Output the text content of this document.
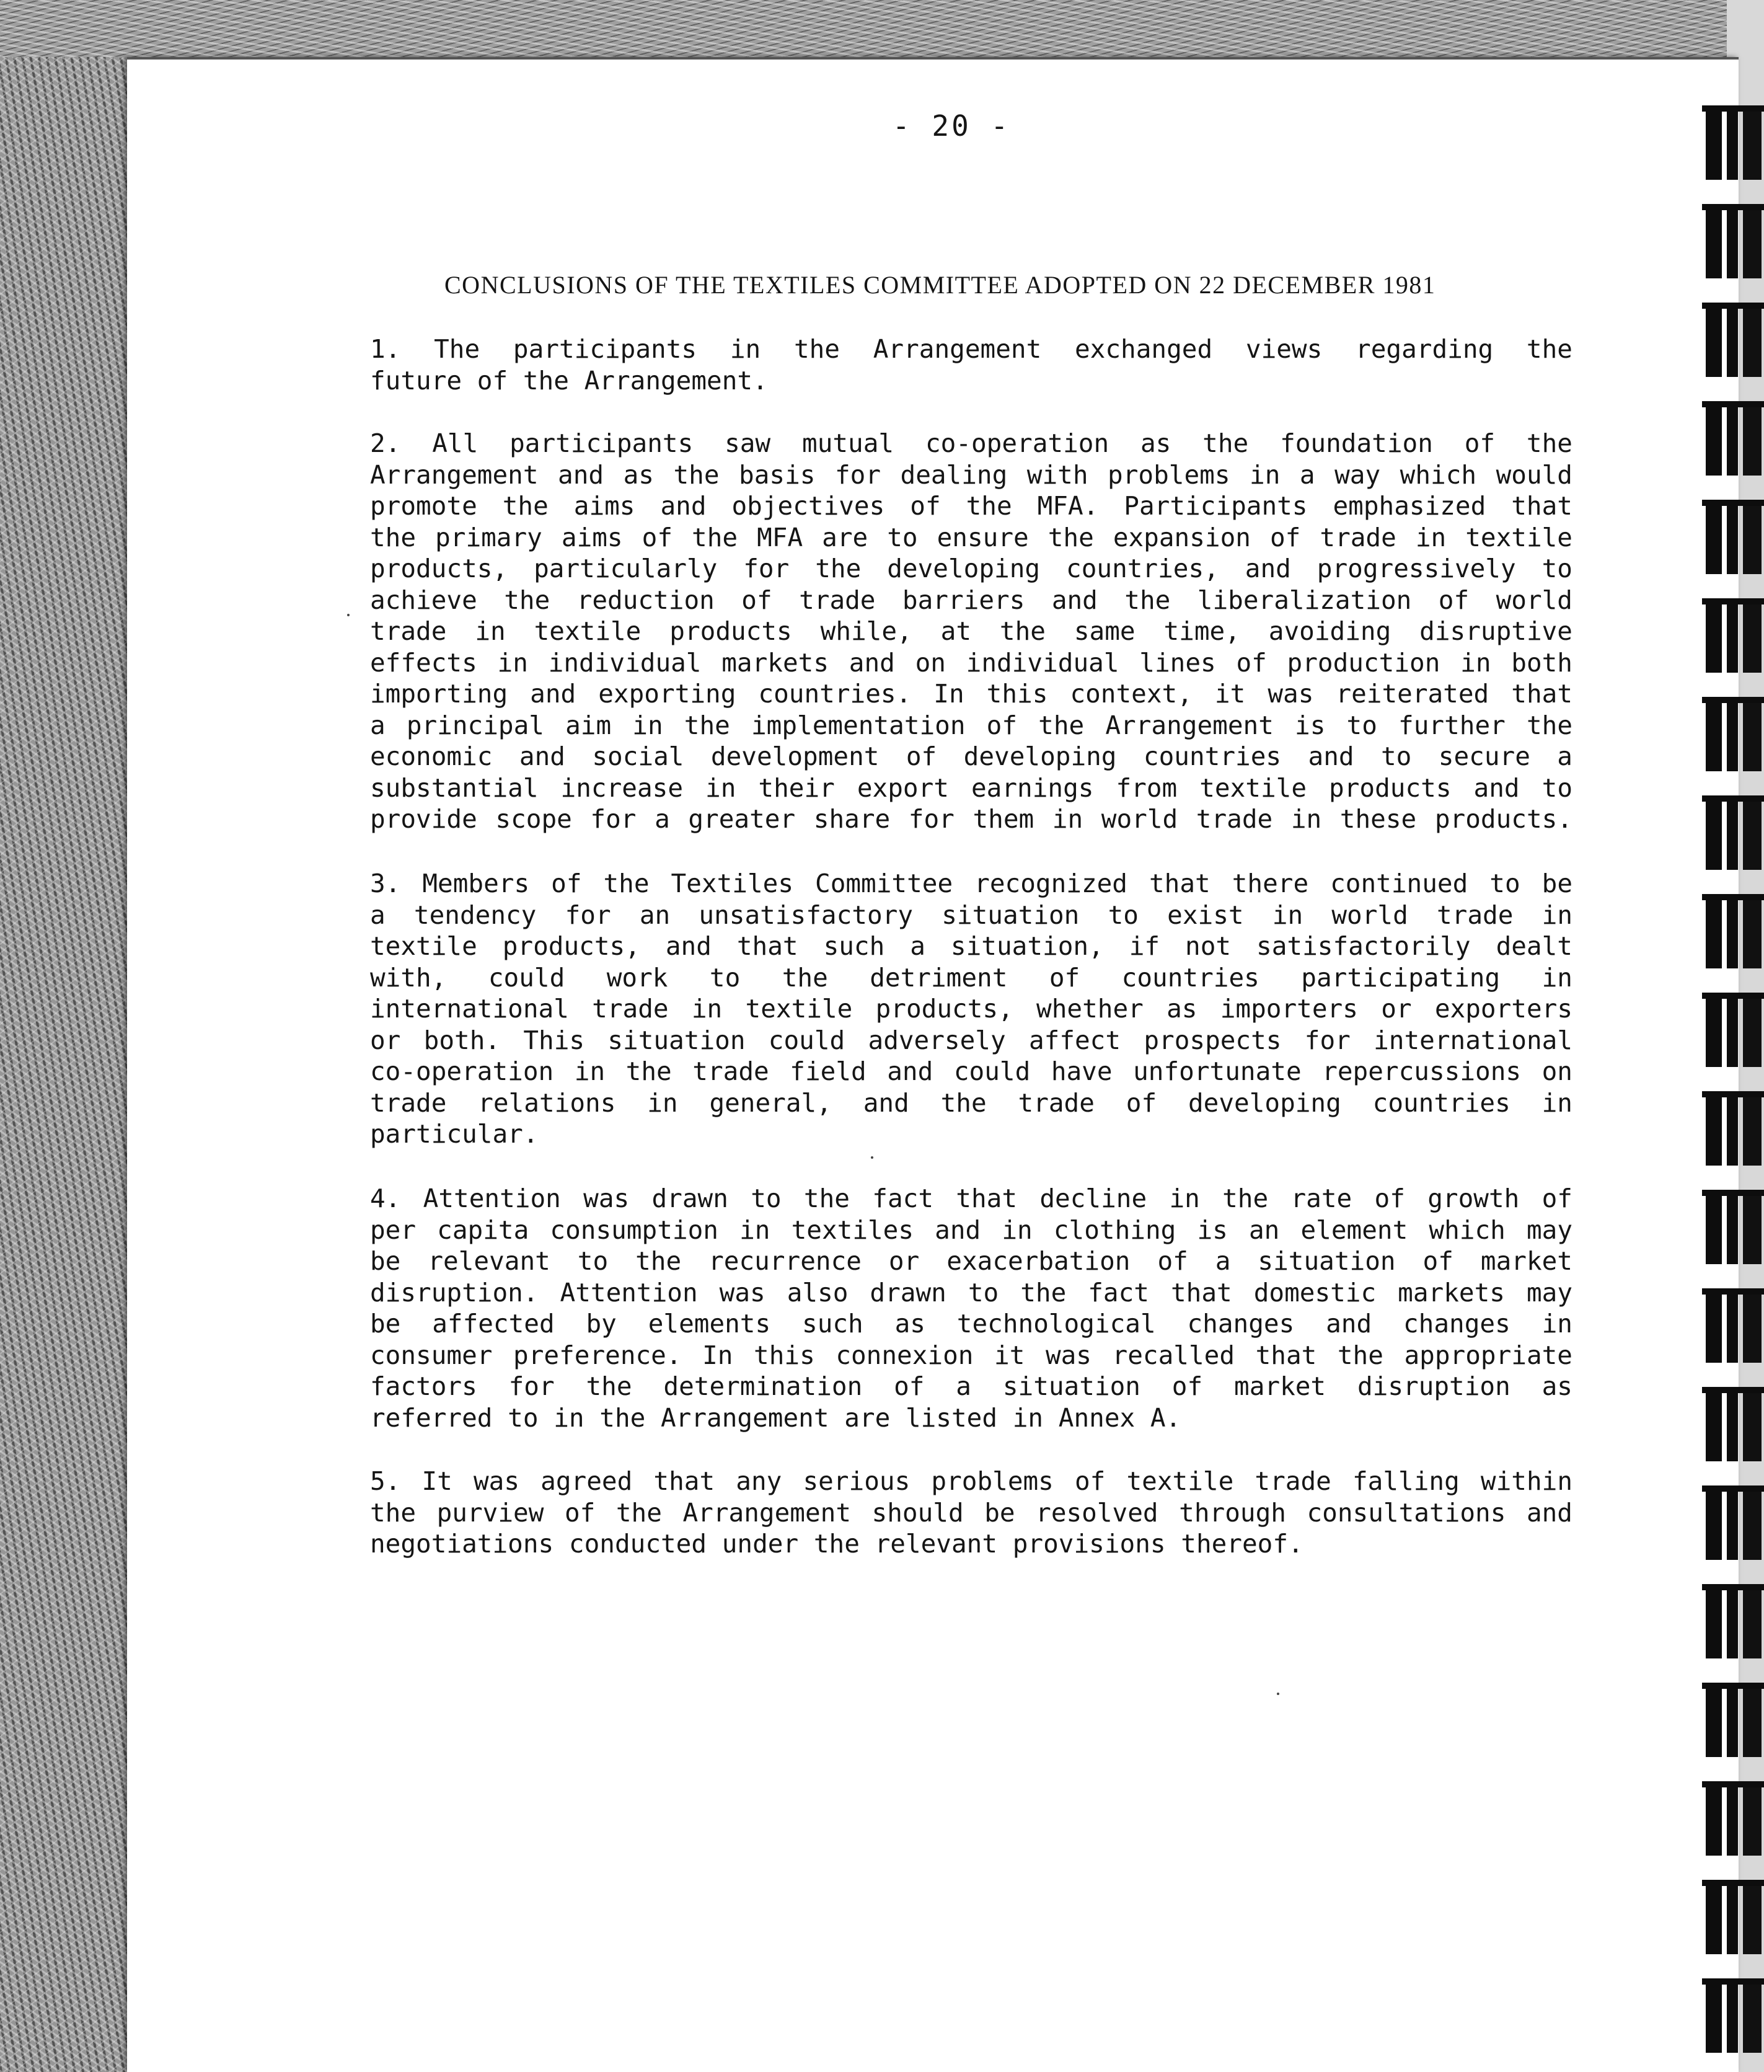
- 20 -
CONCLUSIONS OF THE TEXTILES COMMITTEE ADOPTED ON 22 DECEMBER 1981
1. The participants in the Arrangement exchanged views regarding the
future of the Arrangement.
2. All participants saw mutual co-operation as the foundation of the
Arrangement and as the basis for dealing with problems in a way which would
promote the aims and objectives of the MFA. Participants emphasized that
the primary aims of the MFA are to ensure the expansion of trade in textile
products, particularly for the developing countries, and progressively to
achieve the reduction of trade barriers and the liberalization of world
trade in textile products while, at the same time, avoiding disruptive
effects in individual markets and on individual lines of production in both
importing and exporting countries. In this context, it was reiterated that
a principal aim in the implementation of the Arrangement is to further the
economic and social development of developing countries and to secure a
substantial increase in their export earnings from textile products and to
provide scope for a greater share for them in world trade in these products.
3. Members of the Textiles Committee recognized that there continued to be
a tendency for an unsatisfactory situation to exist in world trade in
textile products, and that such a situation, if not satisfactorily dealt
with, could work to the detriment of countries participating in
international trade in textile products, whether as importers or exporters
or both. This situation could adversely affect prospects for international
co-operation in the trade field and could have unfortunate repercussions on
trade relations in general, and the trade of developing countries in
particular.
4. Attention was drawn to the fact that decline in the rate of growth of
per capita consumption in textiles and in clothing is an element which may
be relevant to the recurrence or exacerbation of a situation of market
disruption. Attention was also drawn to the fact that domestic markets may
be affected by elements such as technological changes and changes in
consumer preference. In this connexion it was recalled that the appropriate
factors for the determination of a situation of market disruption as
referred to in the Arrangement are listed in Annex A.
5. It was agreed that any serious problems of textile trade falling within
the purview of the Arrangement should be resolved through consultations and
negotiations conducted under the relevant provisions thereof.
